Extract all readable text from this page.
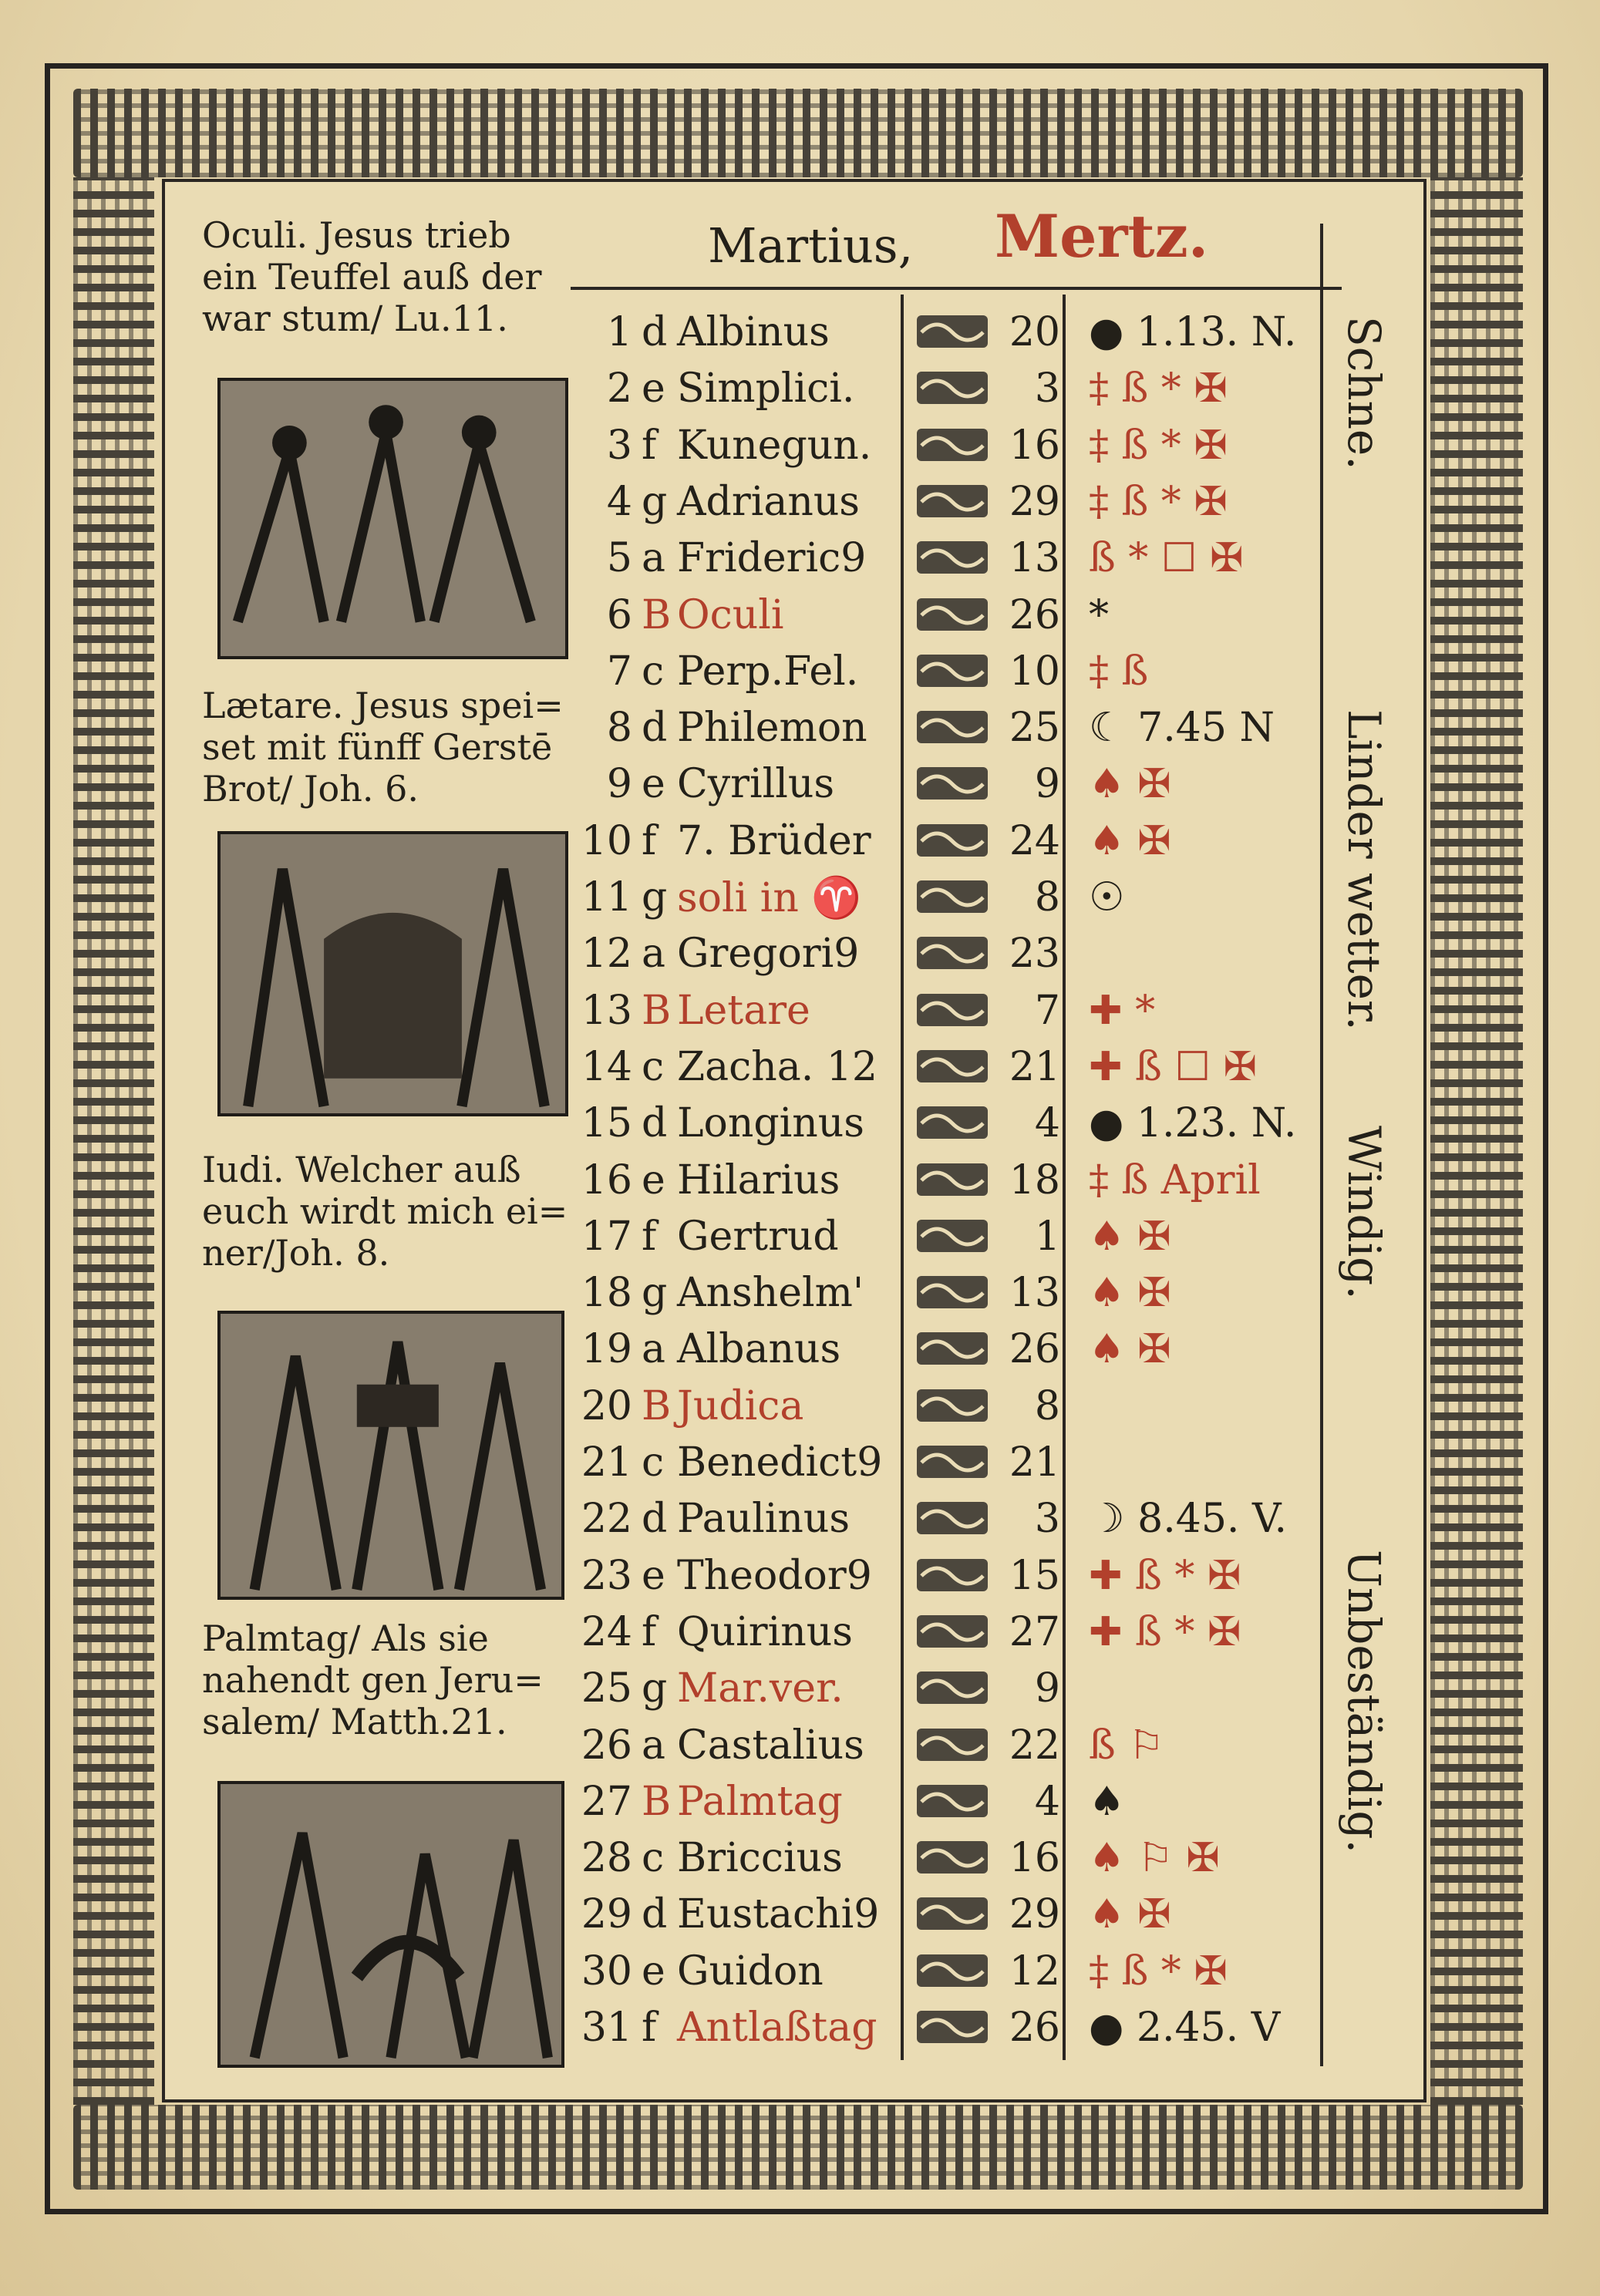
Martius, Mertz.
Oculi. Jesus trieb ein Teuffel auß der war stum/ Lu.11.
Lætare. Jesus spei= set mit fünff Gerstē Brot/ Joh. 6.
Iudi. Welcher auß euch wirdt mich ei= ner/Joh. 8.
Palmtag/ Als sie nahendt gen Jeru= salem/ Matth.21.
Schne.
Linder wetter.
Windig.
Unbeständig.
1 d Albinus	20 ● 1.13. N.
2 e Simplici.	3 ‡ ß * ✠
3 f Kunegun.	16 ‡ ß * ✠
4 g Adrianus	29 ‡ ß * ✠
5 a Frideric9	13 ß * ☐ ✠
6 B Oculi	26 *
7 c Perp.Fel.	10 ‡ ß
8 d Philemon	25 ☾ 7.45 N
9 e Cyrillus	9 ♠ ✠
10 f 7. Brüder	24 ♠ ✠
11 g soli in ♈	8 ☉
12 a Gregori9	23
13 B Letare	7 ✚ *
14 c Zacha. 12	21 ✚ ß ☐ ✠
15 d Longinus	4 ● 1.23. N.
16 e Hilarius	18 ‡ ß April
17 f Gertrud	1 ♠ ✠
18 g Anshelm'	13 ♠ ✠
19 a Albanus	26 ♠ ✠
20 B Judica	8
21 c Benedict9	21
22 d Paulinus	3 ☽ 8.45. V.
23 e Theodor9	15 ✚ ß * ✠
24 f Quirinus	27 ✚ ß * ✠
25 g Mar.ver.	9
26 a Castalius	22 ß ⚐
27 B Palmtag	4 ♠
28 c Briccius	16 ♠ ⚐ ✠
29 d Eustachi9	29 ♠ ✠
30 e Guidon	12 ‡ ß * ✠
31 f Antlaßtag	26 ● 2.45. V
